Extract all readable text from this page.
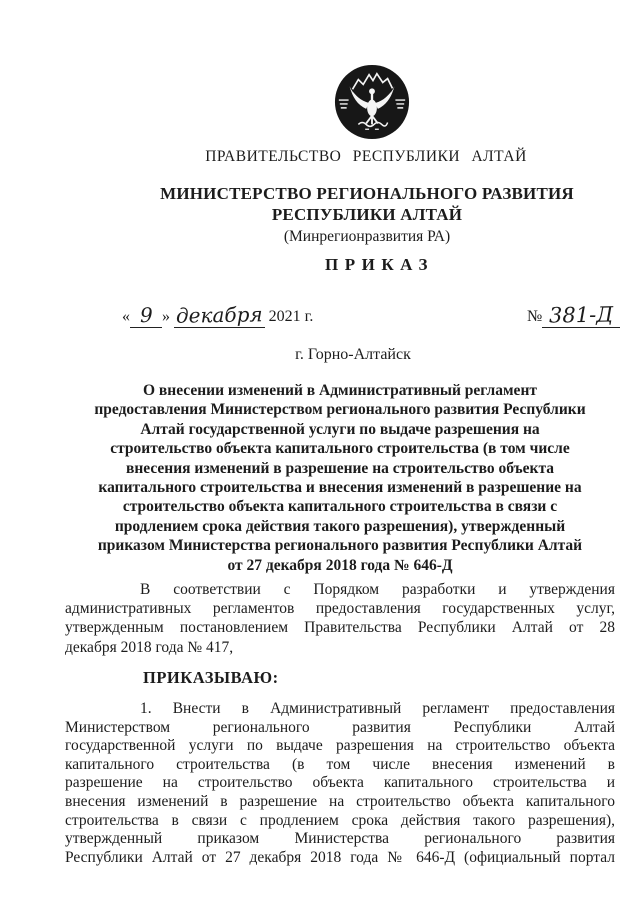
ПРАВИТЕЛЬСТВО РЕСПУБЛИКИ АЛТАЙ
МИНИСТЕРСТВО РЕГИОНАЛЬНОГО РАЗВИТИЯ
РЕСПУБЛИКИ АЛТАЙ
(Минрегионразвития РА)
ПРИКАЗ
« 9 » декабря 2021 г.	№ 381-Д
г. Горно-Алтайск
О внесении изменений в Административный регламент
предоставления Министерством регионального развития Республики
Алтай государственной услуги по выдаче разрешения на
строительство объекта капитального строительства (в том числе
внесения изменений в разрешение на строительство объекта
капитального строительства и внесения изменений в разрешение на
строительство объекта капитального строительства в связи с
продлением срока действия такого разрешения), утвержденный
приказом Министерства регионального развития Республики Алтай
от 27 декабря 2018 года № 646-Д
В соответствии с Порядком разработки и утверждения
административных регламентов предоставления государственных услуг,
утвержденным постановлением Правительства Республики Алтай от 28
декабря 2018 года № 417,
ПРИКАЗЫВАЮ:
1. Внести в Административный регламент предоставления
Министерством регионального развития Республики Алтай
государственной услуги по выдаче разрешения на строительство объекта
капитального строительства (в том числе внесения изменений в
разрешение на строительство объекта капитального строительства и
внесения изменений в разрешение на строительство объекта капитального
строительства в связи с продлением срока действия такого разрешения),
утвержденный приказом Министерства регионального развития
Республики Алтай от 27 декабря 2018 года № 646-Д (официальный портал
